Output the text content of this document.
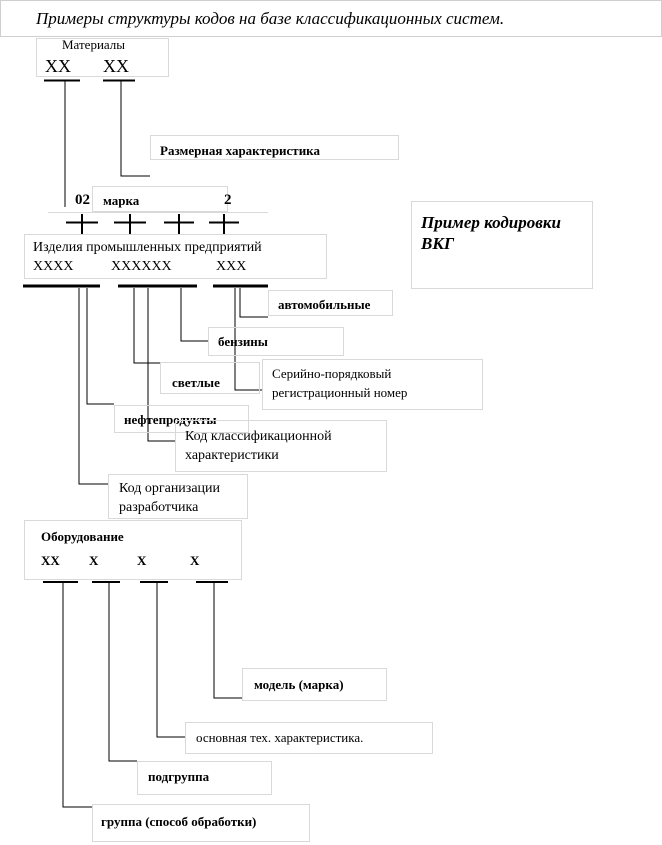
Примеры структуры кодов на базе классификационных систем.
Материалы
XX XX
Размерная характеристика
02 марка	2
Пример кодировки
ВКГ
Изделия промышленных предприятий
XXXX	XXXXXX	XXX
автомобильные
бензины
светлые
Серийно-порядковый
регистрационный номер
нефтепродукты
Код классификационной
характеристики
Код организации
разработчика
Оборудование
XX X	X	X
модель (марка)
основная тех. характеристика.
подгруппа
группа (способ обработки)
